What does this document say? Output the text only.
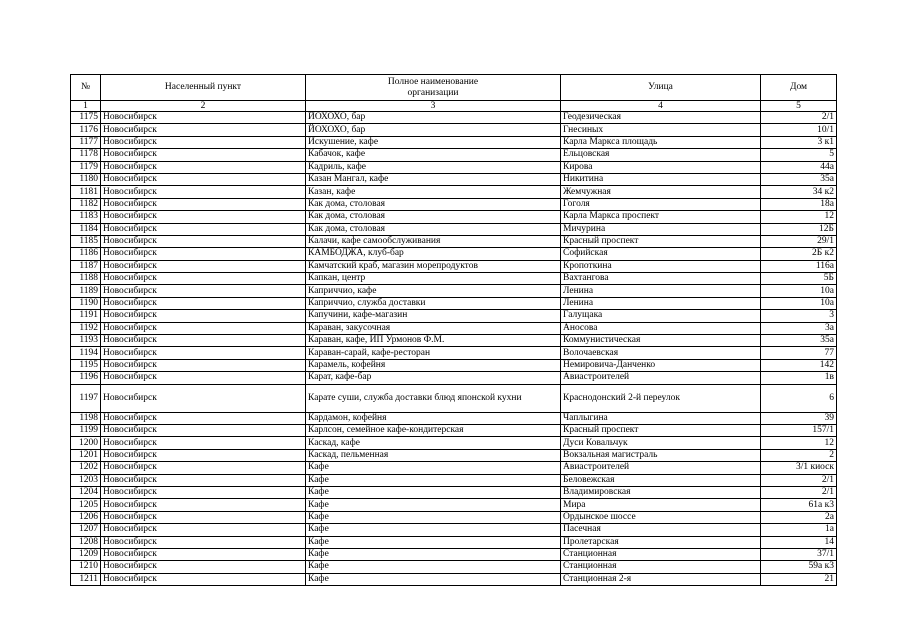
№	Населенный пункт	Полное наименование
организации	Улица	Дом
1	2	3	4	5
1175	Новосибирск	ЙОХОХО, бар	Геодезическая	2/1
1176	Новосибирск	ЙОХОХО, бар	Гнесиных	10/1
1177	Новосибирск	Искушение, кафе	Карла Маркса площадь	3 к1
1178	Новосибирск	Кабачок, кафе	Ельцовская	5
1179	Новосибирск	Кадриль, кафе	Кирова	44а
1180	Новосибирск	Казан Мангал, кафе	Никитина	35а
1181	Новосибирск	Казан, кафе	Жемчужная	34 к2
1182	Новосибирск	Как дома, столовая	Гоголя	18а
1183	Новосибирск	Как дома, столовая	Карла Маркса проспект	12
1184	Новосибирск	Как дома, столовая	Мичурина	12Б
1185	Новосибирск	Калачи, кафе самообслуживания	Красный проспект	29/1
1186	Новосибирск	КАМБОДЖА, клуб-бар	Софийская	2Б к2
1187	Новосибирск	Камчатский краб, магазин морепродуктов	Кропоткина	116а
1188	Новосибирск	Капкан, центр	Вахтангова	5Б
1189	Новосибирск	Каприччио, кафе	Ленина	10а
1190	Новосибирск	Каприччио, служба доставки	Ленина	10а
1191	Новосибирск	Капучини, кафе-магазин	Галущака	3
1192	Новосибирск	Караван, закусочная	Аносова	3а
1193	Новосибирск	Караван, кафе, ИП Урмонов Ф.М.	Коммунистическая	35а
1194	Новосибирск	Караван-сарай, кафе-ресторан	Волочаевская	77
1195	Новосибирск	Карамель, кофейня	Немировича-Данченко	142
1196	Новосибирск	Карат, кафе-бар	Авиастроителей	1в
1197	Новосибирск	Карате суши, служба доставки блюд японской кухни	Краснодонский 2-й переулок	6
1198	Новосибирск	Кардамон, кофейня	Чаплыгина	39
1199	Новосибирск	Карлсон, семейное кафе-кондитерская	Красный проспект	157/1
1200	Новосибирск	Каскад, кафе	Дуси Ковальчук	12
1201	Новосибирск	Каскад, пельменная	Вокзальная магистраль	2
1202	Новосибирск	Кафе	Авиастроителей	3/1 киоск
1203	Новосибирск	Кафе	Беловежская	2/1
1204	Новосибирск	Кафе	Владимировская	2/1
1205	Новосибирск	Кафе	Мира	61а к3
1206	Новосибирск	Кафе	Ордынское шоссе	2а
1207	Новосибирск	Кафе	Пасечная	1а
1208	Новосибирск	Кафе	Пролетарская	14
1209	Новосибирск	Кафе	Станционная	37/1
1210	Новосибирск	Кафе	Станционная	59а к3
1211	Новосибирск	Кафе	Станционная 2-я	21
